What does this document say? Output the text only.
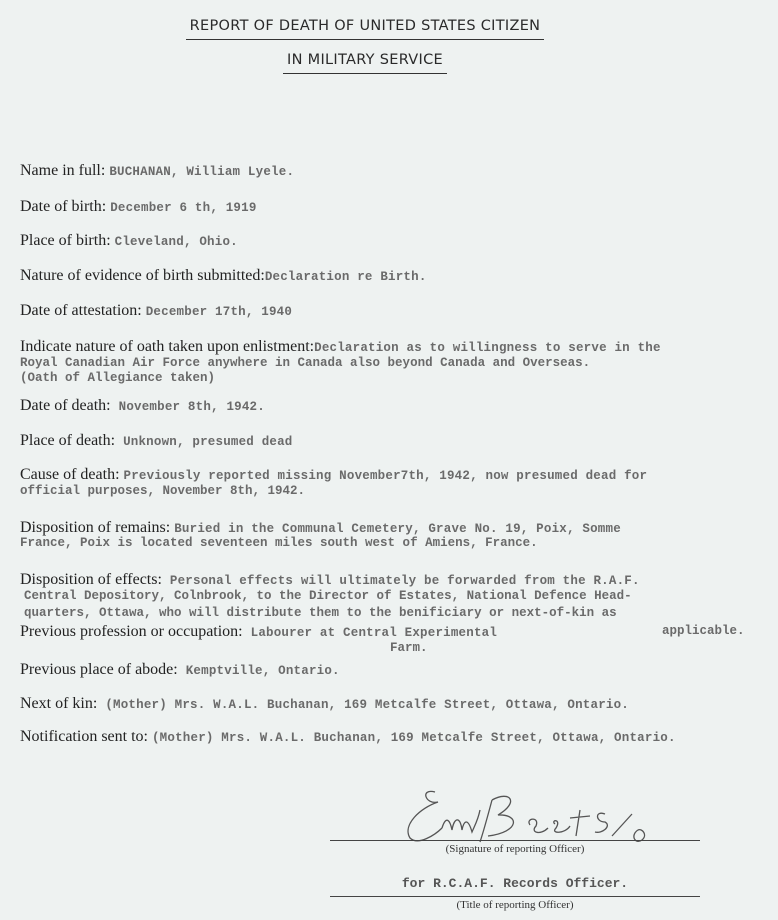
REPORT OF DEATH OF UNITED STATES CITIZEN
IN MILITARY SERVICE
Name in full: BUCHANAN, William Lyele.
Date of birth: December 6 th, 1919
Place of birth: Cleveland, Ohio.
Nature of evidence of birth submitted:Declaration re Birth.
Date of attestation: December 17th, 1940
Indicate nature of oath taken upon enlistment:Declaration as to willingness to serve in the
Royal Canadian Air Force anywhere in Canada also beyond Canada and Overseas.
(Oath of Allegiance taken)
Date of death: November 8th, 1942.
Place of death: Unknown, presumed dead
Cause of death: Previously reported missing November7th, 1942, now presumed dead for
official purposes, November 8th, 1942.
Disposition of remains: Buried in the Communal Cemetery, Grave No. 19, Poix, Somme
France, Poix is located seventeen miles south west of Amiens, France.
Disposition of effects: Personal effects will ultimately be forwarded from the R.A.F.
Central Depository, Colnbrook, to the Director of Estates, National Defence Head-
quarters, Ottawa, who will distribute them to the benificiary or next-of-kin as
applicable.
Previous profession or occupation: Labourer at Central Experimental
Farm.
Previous place of abode: Kemptville, Ontario.
Next of kin: (Mother) Mrs. W.A.L. Buchanan, 169 Metcalfe Street, Ottawa, Ontario.
Notification sent to: (Mother) Mrs. W.A.L. Buchanan, 169 Metcalfe Street, Ottawa, Ontario.
(Signature of reporting Officer)
for R.C.A.F. Records Officer.
(Title of reporting Officer)
